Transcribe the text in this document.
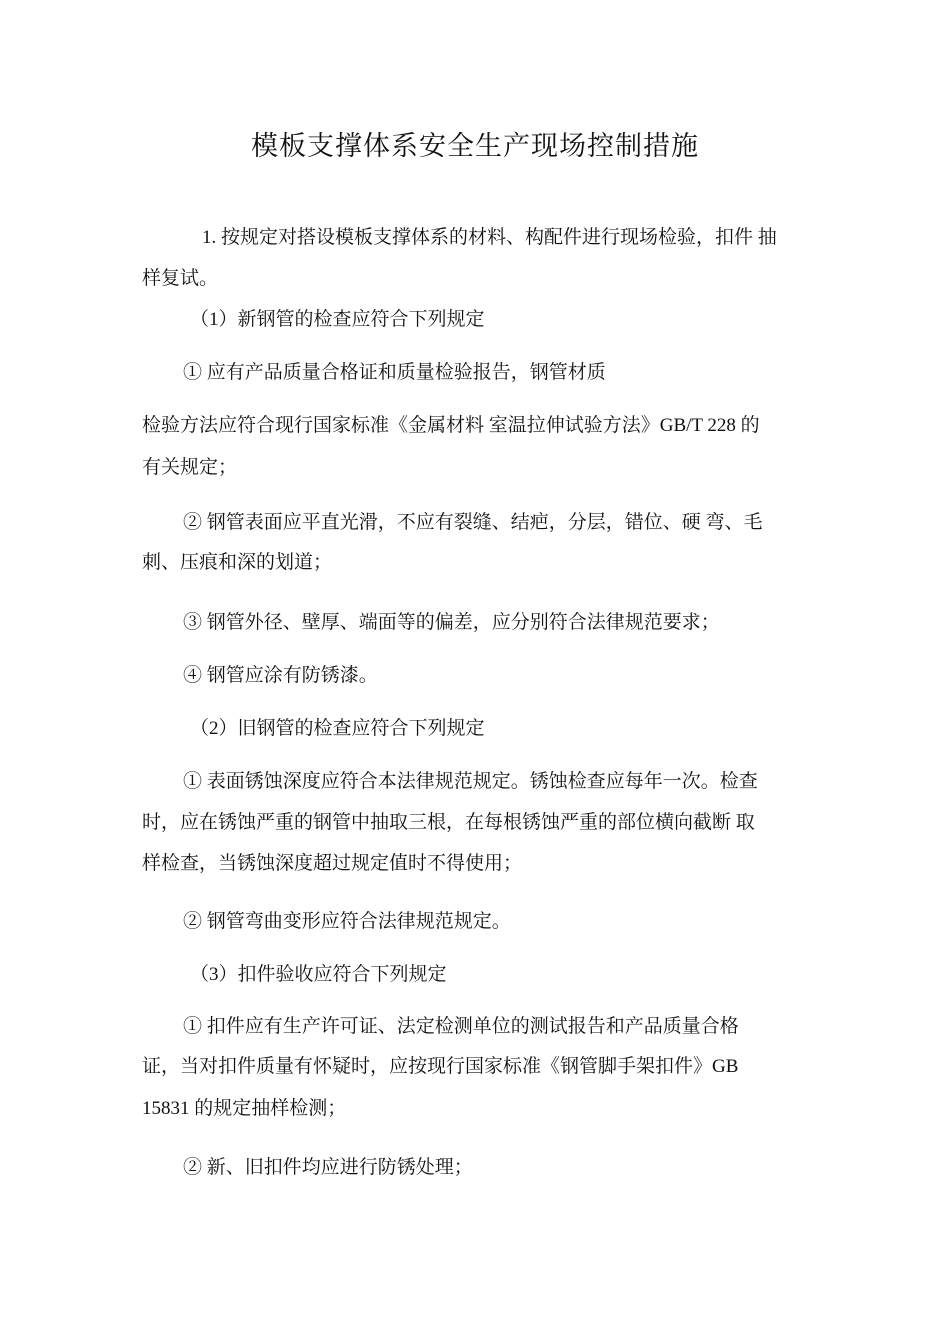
模板支撑体系安全生产现场控制措施
1. 按规定对搭设模板支撑体系的材料、构配件进行现场检验，扣件 抽
样复试。
（1）新钢管的检查应符合下列规定
① 应有产品质量合格证和质量检验报告，钢管材质
检验方法应符合现行国家标准《金属材料 室温拉伸试验方法》GB/T 228 的
有关规定；
② 钢管表面应平直光滑，不应有裂缝、结疤，分层，错位、硬 弯、毛
刺、压痕和深的划道；
③ 钢管外径、壁厚、端面等的偏差，应分别符合法律规范要求；
④ 钢管应涂有防锈漆。
（2）旧钢管的检查应符合下列规定
① 表面锈蚀深度应符合本法律规范规定。锈蚀检查应每年一次。检查
时，应在锈蚀严重的钢管中抽取三根，在每根锈蚀严重的部位横向截断 取
样检查，当锈蚀深度超过规定值时不得使用；
② 钢管弯曲变形应符合法律规范规定。
（3）扣件验收应符合下列规定
① 扣件应有生产许可证、法定检测单位的测试报告和产品质量合格
证，当对扣件质量有怀疑时，应按现行国家标准《钢管脚手架扣件》GB
15831 的规定抽样检测；
② 新、旧扣件均应进行防锈处理；
